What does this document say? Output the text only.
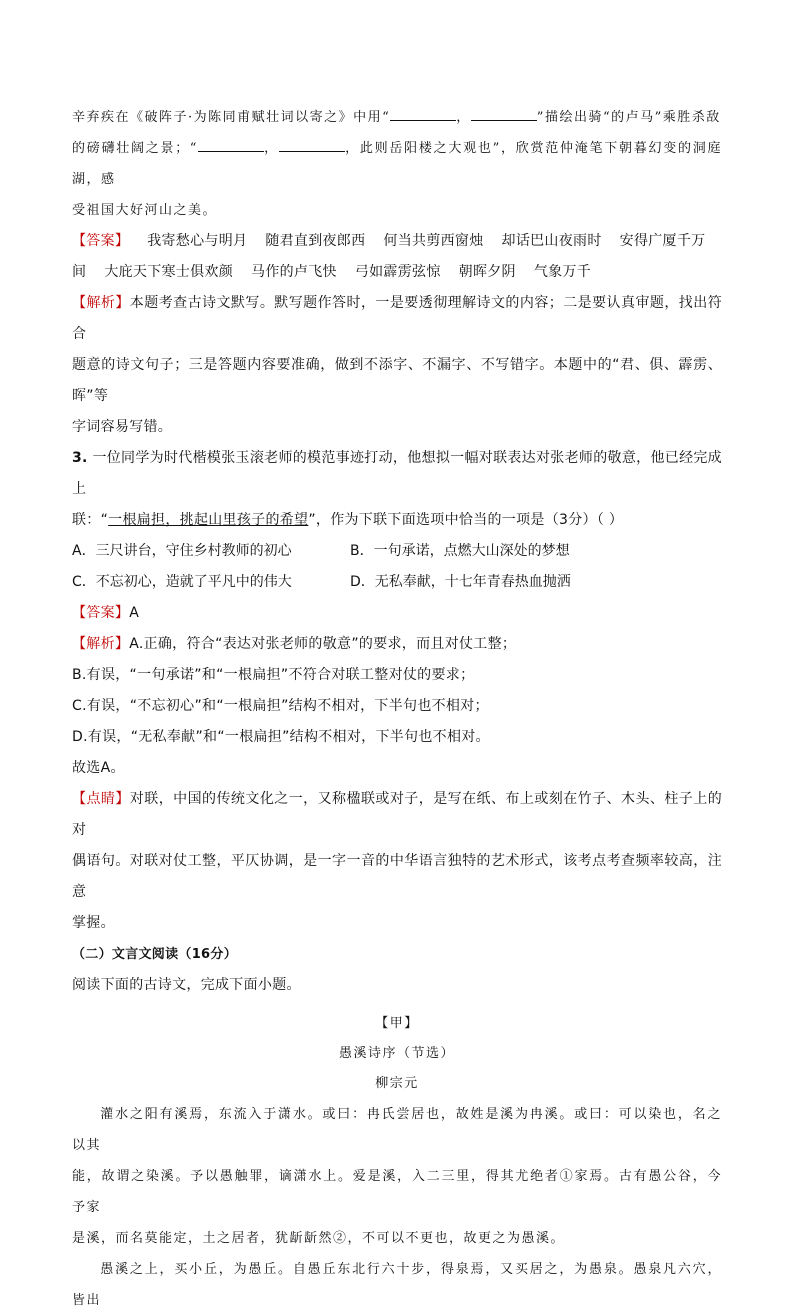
辛弃疾在《破阵子·为陈同甫赋壮词以寄之》中用“	，	”描绘出骑“的卢马”乘胜杀敌
的磅礴壮阔之景；“	，	，此则岳阳楼之大观也”，欣赏范仲淹笔下朝暮幻变的洞庭湖，感
受祖国大好河山之美。

【答案】 我寄愁心与明月 随君直到夜郎西 何当共剪西窗烛 却话巴山夜雨时 安得广厦千万
间 大庇天下寒士俱欢颜 马作的卢飞快 弓如霹雳弦惊 朝晖夕阴 气象万千

【解析】本题考查古诗文默写。默写题作答时，一是要透彻理解诗文的内容；二是要认真审题，找出符合
题意的诗文句子；三是答题内容要准确，做到不添字、不漏字、不写错字。本题中的“君、俱、霹雳、晖”等
字词容易写错。

3. 一位同学为时代楷模张玉滚老师的模范事迹打动，他想拟一幅对联表达对张老师的敬意，他已经完成上
联：“一根扁担，挑起山里孩子的希望”，作为下联下面选项中恰当的一项是（3分）（ ）

A．三尺讲台，守住乡村教师的初心	B．一句承诺，点燃大山深处的梦想
C．不忘初心，造就了平凡中的伟大	D．无私奉献，十七年青春热血抛洒

【答案】A

【解析】A.正确，符合“表达对张老师的敬意”的要求，而且对仗工整；
B.有误，“一句承诺”和“一根扁担”不符合对联工整对仗的要求；
C.有误，“不忘初心”和“一根扁担”结构不相对，下半句也不相对；
D.有误，“无私奉献”和“一根扁担”结构不相对，下半句也不相对。
故选A。

【点睛】对联，中国的传统文化之一，又称楹联或对子，是写在纸、布上或刻在竹子、木头、柱子上的对
偶语句。对联对仗工整，平仄协调，是一字一音的中华语言独特的艺术形式，该考点考查频率较高，注意
掌握。

（二）文言文阅读（16分）

阅读下面的古诗文，完成下面小题。

【甲】

愚溪诗序（节选）

柳宗元

灌水之阳有溪焉，东流入于潇水。或曰：冉氏尝居也，故姓是溪为冉溪。或曰：可以染也，名之以其
能，故谓之染溪。予以愚触罪，谪潇水上。爱是溪，入二三里，得其尤绝者①家焉。古有愚公谷，今予家
是溪，而名莫能定，土之居者，犹龂龂然②，不可以不更也，故更之为愚溪。
愚溪之上，买小丘，为愚丘。自愚丘东北行六十步，得泉焉，又买居之，为愚泉。愚泉凡六穴，皆出
